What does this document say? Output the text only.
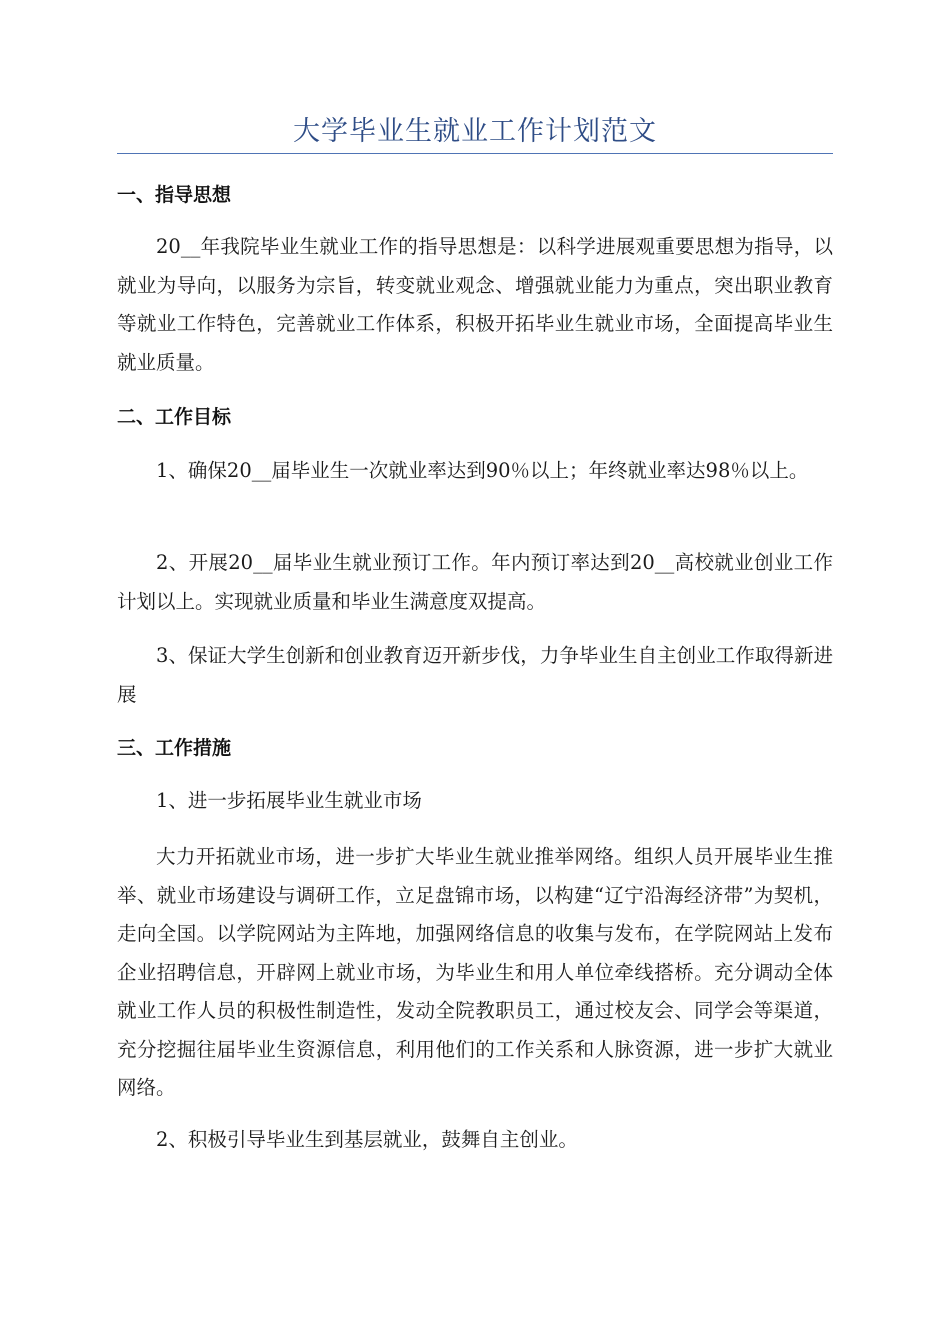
大学毕业生就业工作计划范文
一、指导思想

20__年我院毕业生就业工作的指导思想是：以科学进展观重要思想为指导，以就业为导向，以服务为宗旨，转变就业观念、增强就业能力为重点，突出职业教育等就业工作特色，完善就业工作体系，积极开拓毕业生就业市场，全面提高毕业生就业质量。

二、工作目标

1、确保20__届毕业生一次就业率达到90％以上；年终就业率达98％以上。

2、开展20__届毕业生就业预订工作。年内预订率达到20__高校就业创业工作计划以上。实现就业质量和毕业生满意度双提高。

3、保证大学生创新和创业教育迈开新步伐，力争毕业生自主创业工作取得新进展

三、工作措施

1、进一步拓展毕业生就业市场

大力开拓就业市场，进一步扩大毕业生就业推举网络。组织人员开展毕业生推举、就业市场建设与调研工作，立足盘锦市场，以构建“辽宁沿海经济带”为契机，走向全国。以学院网站为主阵地，加强网络信息的收集与发布，在学院网站上发布企业招聘信息，开辟网上就业市场，为毕业生和用人单位牵线搭桥。充分调动全体就业工作人员的积极性制造性，发动全院教职员工，通过校友会、同学会等渠道，充分挖掘往届毕业生资源信息，利用他们的工作关系和人脉资源，进一步扩大就业网络。

2、积极引导毕业生到基层就业，鼓舞自主创业。
